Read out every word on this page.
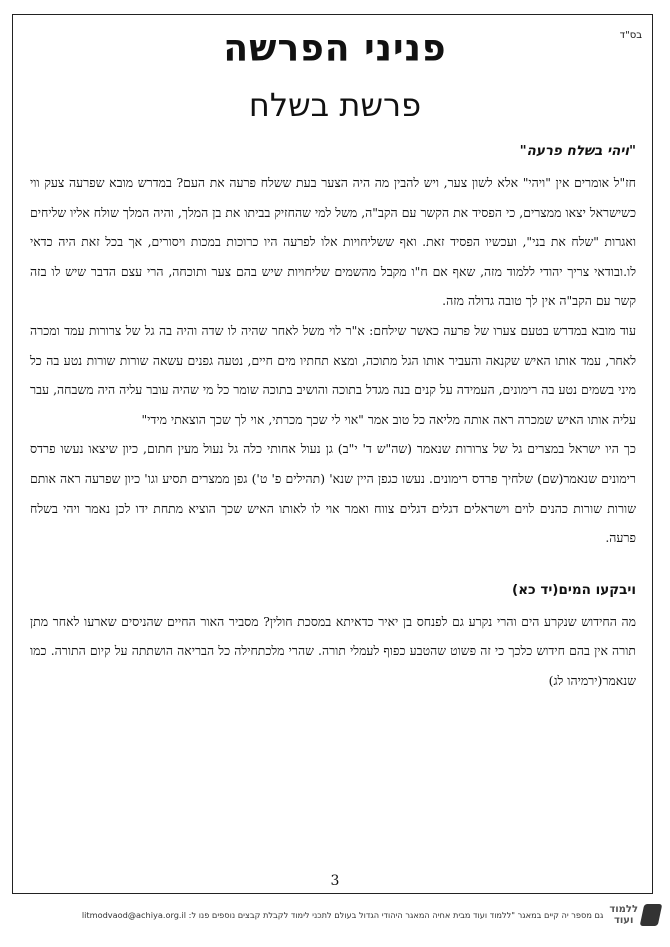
בס"ד
פניני הפרשה
פרשת בשלח
"ויהי בשלח פרעה"

חז"ל אומרים אין "ויהי" אלא לשון צער, ויש להבין מה היה הצער בעת ששלח פרעה את העם? במדרש מובא שפרעה צעק ווי כשישראל יצאו ממצרים, כי הפסיד את הקשר עם הקב"ה, משל למי שהחזיק בביתו את בן המלך, והיה המלך שולח אליו שליחים ואגרות "שלח את בני", ועכשיו הפסיד זאת. ואף ששליחויות אלו לפרעה היו כרוכות במכות ויסורים, אך בכל זאת היה כדאי לו.ובודאי צריך יהודי ללמוד מזה, שאף אם ח"ו מקבל מהשמים שליחויות שיש בהם צער ותוכחה, הרי עצם הדבר שיש לו בזה קשר עם הקב"ה אין לך טובה גדולה מזה.

עוד מובא במדרש בטעם צערו של פרעה כאשר שילחם: א"ר לוי משל לאחר שהיה לו שדה והיה בה גל של צרורות עמד ומכרה לאחר, עמד אותו האיש שקנאה והעביר אותו הגל מתוכה, ומצא תחתיו מים חיים, נטעה גפנים עשאה שורות שורות נטע בה כל מיני בשמים נטע בה רימונים, העמידה על קנים בנה מגדל בתוכה והושיב בתוכה שומר כל מי שהיה עובר עליה היה משבחה, עבר עליה אותו האיש שמכרה ראה אותה מליאה כל טוב אמר "אוי לי שכך מכרתי, אוי לך שכך הוצאתי מידי"

כך היו ישראל במצרים גל של צרורות שנאמר (שה"ש ד' י"ב) גן נעול אחותי כלה גל נעול מעין חתום, כיון שיצאו נעשו פרדס רימונים שנאמר(שם) שלחיך פרדס רימונים. נעשו כגפן היין שנא' (תהילים פ' ט') גפן ממצרים תסיע וגו' כיון שפרעה ראה אותם שורות שורות כהנים לוים וישראלים דגלים דגלים צווח ואמר אוי לו לאותו האיש שכך הוציא מתחת ידו לכן נאמר ויהי בשלח פרעה.

ויבקעו המים(יד כא)

מה החידוש שנקרע הים והרי נקרע גם לפנחס בן יאיר כדאיתא במסכת חולין? מסביר האור החיים שהניסים שארעו לאחר מתן תורה אין בהם חידוש כלכך כי זה פשוט שהטבע כפוף לעמלי תורה. שהרי מלכתחילה כל הבריאה הושתתה על קיום התורה. כמו שנאמר(ירמיהו לג)

3
ללמוד
ועוד
גם מספר יה קיים במאגר "ללמוד ועוד מבית אחיה המאגר היהודי הגדול בעולם לתכני לימוד לקבלת קבצים נוספים פנו ל: litmodvaod@achiya.org.il
